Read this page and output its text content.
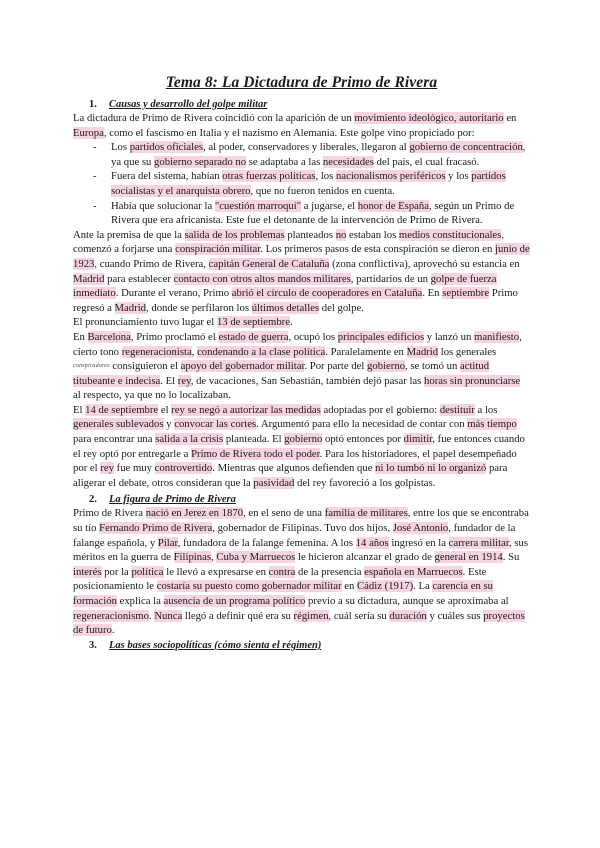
Tema 8: La Dictadura de Primo de Rivera
1. Causas y desarrollo del golpe militar

La dictadura de Primo de Rivera coincidió con la aparición de un movimiento ideológico, autoritario en Europa, como el fascismo en Italia y el nazismo en Alemania. Este golpe vino propiciado por:

- Los partidos oficiales, al poder, conservadores y liberales, llegaron al gobierno de concentración, ya que su gobierno separado no se adaptaba a las necesidades del país, el cual fracasó.
- Fuera del sistema, habían otras fuerzas políticas, los nacionalismos periféricos y los partidos socialistas y el anarquista obrero, que no fueron tenidos en cuenta.
- Había que solucionar la "cuestión marroquí" a jugarse, el honor de España, según un Primo de Rivera que era africanista. Este fue el detonante de la intervención de Primo de Rivera.

Ante la premisa de que la salida de los problemas planteados no estaban los medios constitucionales, comenzó a forjarse una conspiración militar. Los primeros pasos de esta conspiración se dieron en junio de 1923, cuando Primo de Rivera, capitán General de Cataluña (zona conflictiva), aprovechó su estancia en Madrid para establecer contacto con otros altos mandos militares, partidarios de un golpe de fuerza inmediato. Durante el verano, Primo abrió el círculo de cooperadores en Cataluña. En septiembre Primo regresó a Madrid, donde se perfilaron los últimos detalles del golpe.

El pronunciamiento tuvo lugar el 13 de septiembre.

En Barcelona, Primo proclamó el estado de guerra, ocupó los principales edificios y lanzó un manifiesto, cierto tono regeneracionista, condenando a la clase política. Paralelamente en Madrid los generales conspiradores consiguieron el apoyo del gobernador militar. Por parte del gobierno, se tomó un actitud titubeante e indecisa. El rey, de vacaciones, San Sebastián, también dejó pasar las horas sin pronunciarse al respecto, ya que no lo localizaban.

El 14 de septiembre el rey se negó a autorizar las medidas adoptadas por el gobierno: destituir a los generales sublevados y convocar las cortes. Argumentó para ello la necesidad de contar con más tiempo para encontrar una salida a la crisis planteada. El gobierno optó entonces por dimitir, fue entonces cuando el rey optó por entregarle a Primo de Rivera todo el poder. Para los historiadores, el papel desempeñado por el rey fue muy controvertido. Mientras que algunos defienden que ni lo tumbó ni lo organizó para aligerar el debate, otros consideran que la pasividad del rey favoreció a los golpistas.

2. La figura de Primo de Rivera

Primo de Rivera nació en Jerez en 1870, en el seno de una familia de militares, entre los que se encontraba su tío Fernando Primo de Rivera, gobernador de Filipinas. Tuvo dos hijos, José Antonio, fundador de la falange española, y Pilar, fundadora de la falange femenina. A los 14 años ingresó en la carrera militar, sus méritos en la guerra de Filipinas, Cuba y Marruecos le hicieron alcanzar el grado de general en 1914. Su interés por la política le llevó a expresarse en contra de la presencia española en Marruecos. Este posicionamiento le costaría su puesto como gobernador militar en Cádiz (1917). La carencia en su formación explica la ausencia de un programa político previo a su dictadura, aunque se aproximaba al regeneracionismo. Nunca llegó a definir qué era su régimen, cuál sería su duración y cuáles sus proyectos de futuro.

3. Las bases sociopolíticas (cómo sienta el régimen)
